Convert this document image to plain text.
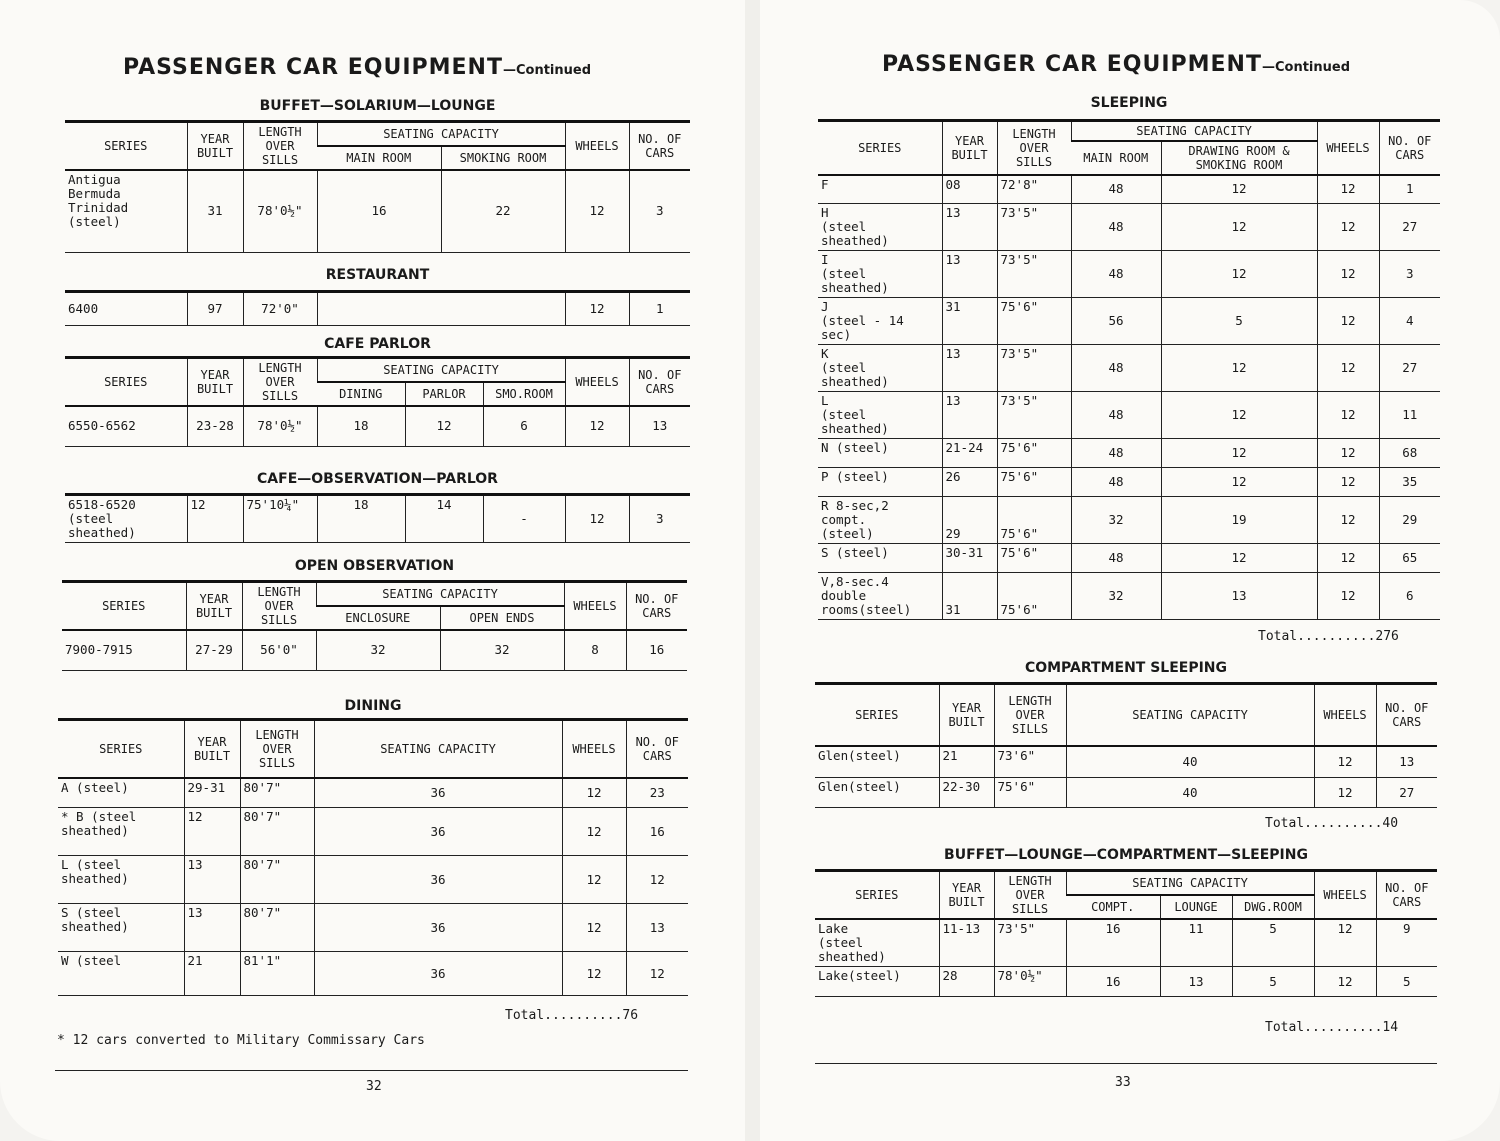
PASSENGER CAR EQUIPMENT—Continued
BUFFET—SOLARIUM—LOUNGE
SERIES	YEAR BUILT	LENGTH OVER SILLS	SEATING CAPACITY		WHEELS	NO. OF CARS
			MAIN ROOM	SMOKING ROOM		
Antigua
Bermuda
Trinidad
(steel)	31	78'0½"	16	22	12	3
RESTAURANT
6400	97	72'0"		12	1
CAFE PARLOR
SERIES	YEAR BUILT	LENGTH OVER SILLS	SEATING CAPACITY			WHEELS	NO. OF CARS
			DINING	PARLOR	SMO.ROOM		
6550-6562	23-28	78'0½"	18	12	6	12	13
CAFE—OBSERVATION—PARLOR
6518-6520
(steel sheathed)	12	75'10¼"	18	14	-	12	3
OPEN OBSERVATION
SERIES	YEAR BUILT	LENGTH OVER SILLS	SEATING CAPACITY		WHEELS	NO. OF CARS
			ENCLOSURE	OPEN ENDS		
7900-7915	27-29	56'0"	32	32	8	16
DINING
SERIES	YEAR BUILT	LENGTH OVER SILLS	SEATING CAPACITY	WHEELS	NO. OF CARS
A (steel)	29-31	80'7"	36	12	23
* B (steel
sheathed)	12	80'7"	36	12	16
L (steel
sheathed)	13	80'7"	36	12	12
S (steel
sheathed)	13	80'7"	36	12	13
W (steel	21	81'1"	36	12	12
Total..........76
* 12 cars converted to Military Commissary Cars
32
PASSENGER CAR EQUIPMENT—Continued
SLEEPING
SERIES	YEAR BUILT	LENGTH OVER SILLS	SEATING CAPACITY		WHEELS	NO. OF CARS
			MAIN ROOM	DRAWING ROOM & SMOKING ROOM		
F	08	72'8"	48	12	12	1
H
(steel sheathed)	13	73'5"	48	12	12	27
I
(steel sheathed)	13	73'5"	48	12	12	3
J
(steel - 14 sec)	31	75'6"	56	5	12	4
K
(steel sheathed)	13	73'5"	48	12	12	27
L
(steel sheathed)	13	73'5"	48	12	12	11
N (steel)	21-24	75'6"	48	12	12	68
P (steel)	26	75'6"	48	12	12	35
R 8-sec,2 compt.
(steel)	29	75'6"	32	19	12	29
S (steel)	30-31	75'6"	48	12	12	65
V,8-sec.4 double
rooms(steel)	31	75'6"	32	13	12	6
Total..........276
COMPARTMENT SLEEPING
SERIES	YEAR BUILT	LENGTH OVER SILLS	SEATING CAPACITY	WHEELS	NO. OF CARS
Glen(steel)	21	73'6"	40	12	13
Glen(steel)	22-30	75'6"	40	12	27
Total..........40
BUFFET—LOUNGE—COMPARTMENT—SLEEPING
SERIES	YEAR BUILT	LENGTH OVER SILLS	SEATING CAPACITY			WHEELS	NO. OF CARS
			COMPT.	LOUNGE	DWG.ROOM		
Lake
(steel sheathed)	11-13	73'5"	16	11	5	12	9
Lake(steel)	28	78'0½"	16	13	5	12	5
Total..........14
33
